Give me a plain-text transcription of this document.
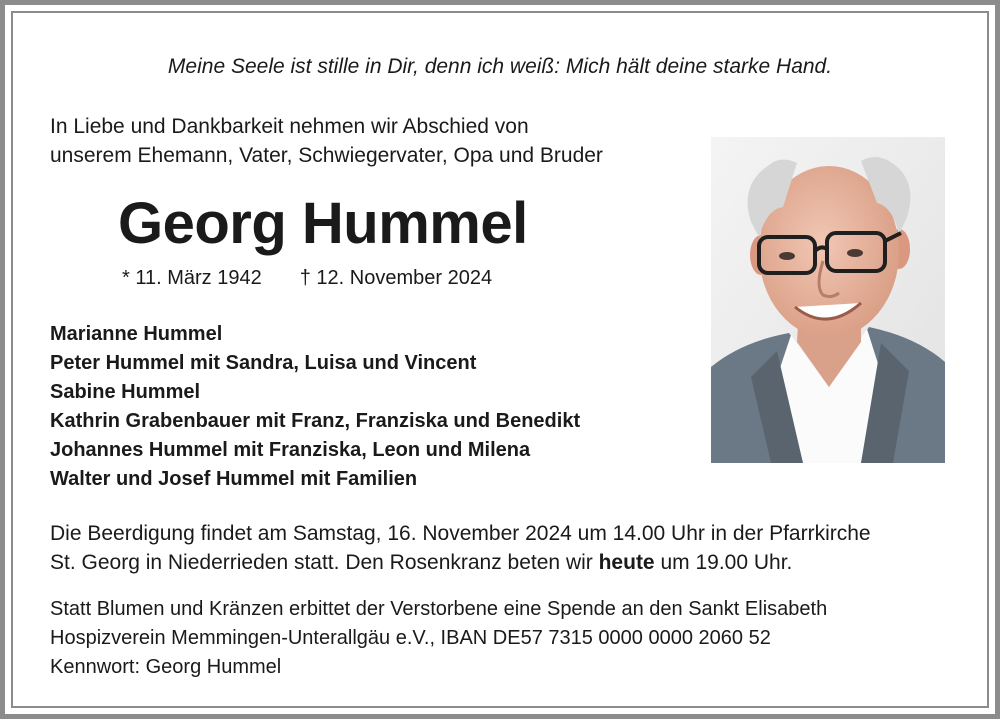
Meine Seele ist stille in Dir, denn ich weiß: Mich hält deine starke Hand.

In Liebe und Dankbarkeit nehmen wir Abschied von
unserem Ehemann, Vater, Schwiegervater, Opa und Bruder
Georg Hummel
* 11. März 1942 † 12. November 2024
Marianne Hummel
Peter Hummel mit Sandra, Luisa und Vincent
Sabine Hummel
Kathrin Grabenbauer mit Franz, Franziska und Benedikt
Johannes Hummel mit Franziska, Leon und Milena
Walter und Josef Hummel mit Familien
Die Beerdigung findet am Samstag, 16. November 2024 um 14.00 Uhr in der Pfarrkirche
St. Georg in Niederrieden statt. Den Rosenkranz beten wir heute um 19.00 Uhr.
Statt Blumen und Kränzen erbittet der Verstorbene eine Spende an den Sankt Elisabeth
Hospizverein Memmingen-Unterallgäu e.V., IBAN DE57 7315 0000 0000 2060 52
Kennwort: Georg Hummel
